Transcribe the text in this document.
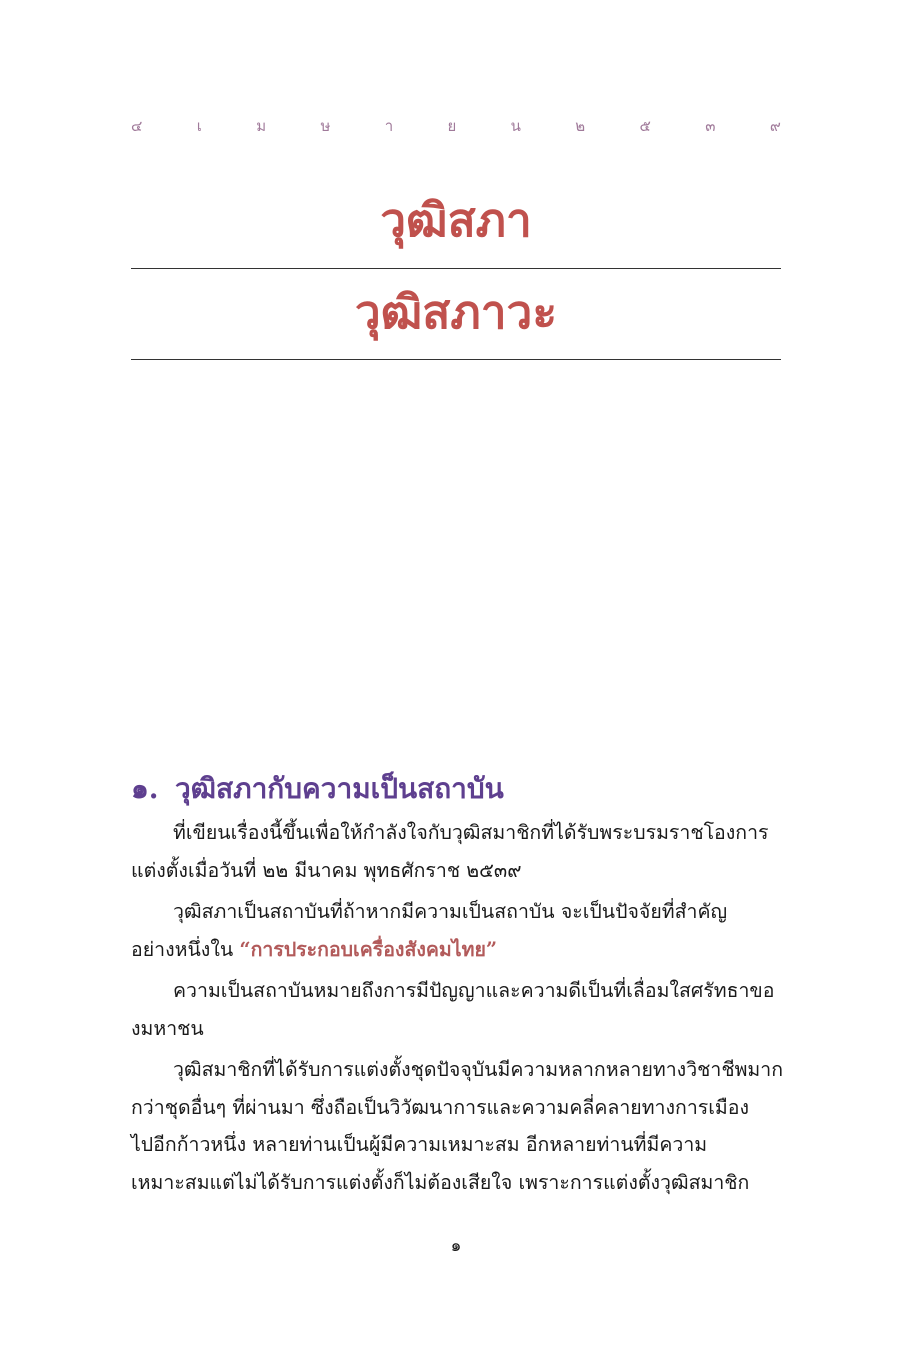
๔	เ	ม	ษ	า	ย	น	๒	๕	๓	๙
วุฒิสภา
วุฒิสภาวะ
๑. วุฒิสภากับความเป็นสถาบัน
ที่เขียนเรื่องนี้ขึ้นเพื่อให้กำลังใจกับวุฒิสมาชิกที่ได้รับพระบรมราชโองการ
แต่งตั้งเมื่อวันที่ ๒๒ มีนาคม พุทธศักราช ๒๕๓๙
วุฒิสภาเป็นสถาบันที่ถ้าหากมีความเป็นสถาบัน จะเป็นปัจจัยที่สำคัญ
อย่างหนึ่งใน “การประกอบเครื่องสังคมไทย”
ความเป็นสถาบันหมายถึงการมีปัญญาและความดีเป็นที่เลื่อมใสศรัทธาขอ
งมหาชน
วุฒิสมาชิกที่ได้รับการแต่งตั้งชุดปัจจุบันมีความหลากหลายทางวิชาชีพมาก
กว่าชุดอื่นๆ ที่ผ่านมา ซึ่งถือเป็นวิวัฒนาการและความคลี่คลายทางการเมือง
ไปอีกก้าวหนึ่ง หลายท่านเป็นผู้มีความเหมาะสม อีกหลายท่านที่มีความ
เหมาะสมแต่ไม่ได้รับการแต่งตั้งก็ไม่ต้องเสียใจ เพราะการแต่งตั้งวุฒิสมาชิก
๑
